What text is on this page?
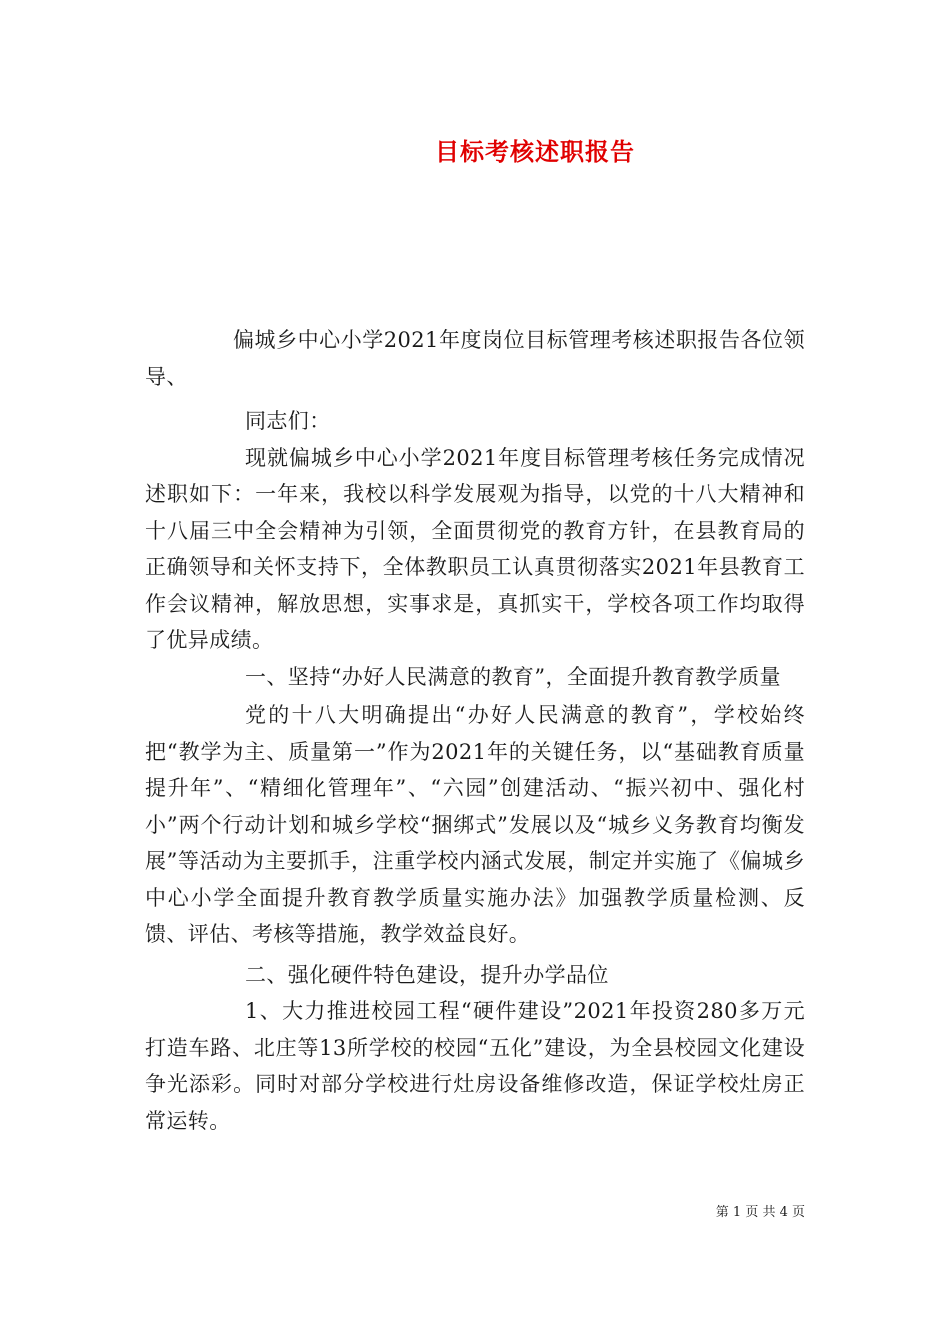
目标考核述职报告

偏城乡中心小学2021年度岗位目标管理考核述职报告各位领导、

同志们：

现就偏城乡中心小学2021年度目标管理考核任务完成情况述职如下：一年来，我校以科学发展观为指导，以党的十八大精神和十八届三中全会精神为引领，全面贯彻党的教育方针，在县教育局的正确领导和关怀支持下，全体教职员工认真贯彻落实2021年县教育工作会议精神，解放思想，实事求是，真抓实干，学校各项工作均取得了优异成绩。

一、坚持“办好人民满意的教育”，全面提升教育教学质量

党的十八大明确提出“办好人民满意的教育”，学校始终把“教学为主、质量第一”作为2021年的关键任务，以“基础教育质量提升年”、“精细化管理年”、“六园”创建活动、“振兴初中、强化村小”两个行动计划和城乡学校“捆绑式”发展以及“城乡义务教育均衡发展”等活动为主要抓手，注重学校内涵式发展，制定并实施了《偏城乡中心小学全面提升教育教学质量实施办法》加强教学质量检测、反馈、评估、考核等措施，教学效益良好。

二、强化硬件特色建设，提升办学品位

1、大力推进校园工程“硬件建设”2021年投资280多万元打造车路、北庄等13所学校的校园“五化”建设，为全县校园文化建设争光添彩。同时对部分学校进行灶房设备维修改造，保证学校灶房正常运转。

第 1 页 共 4 页
